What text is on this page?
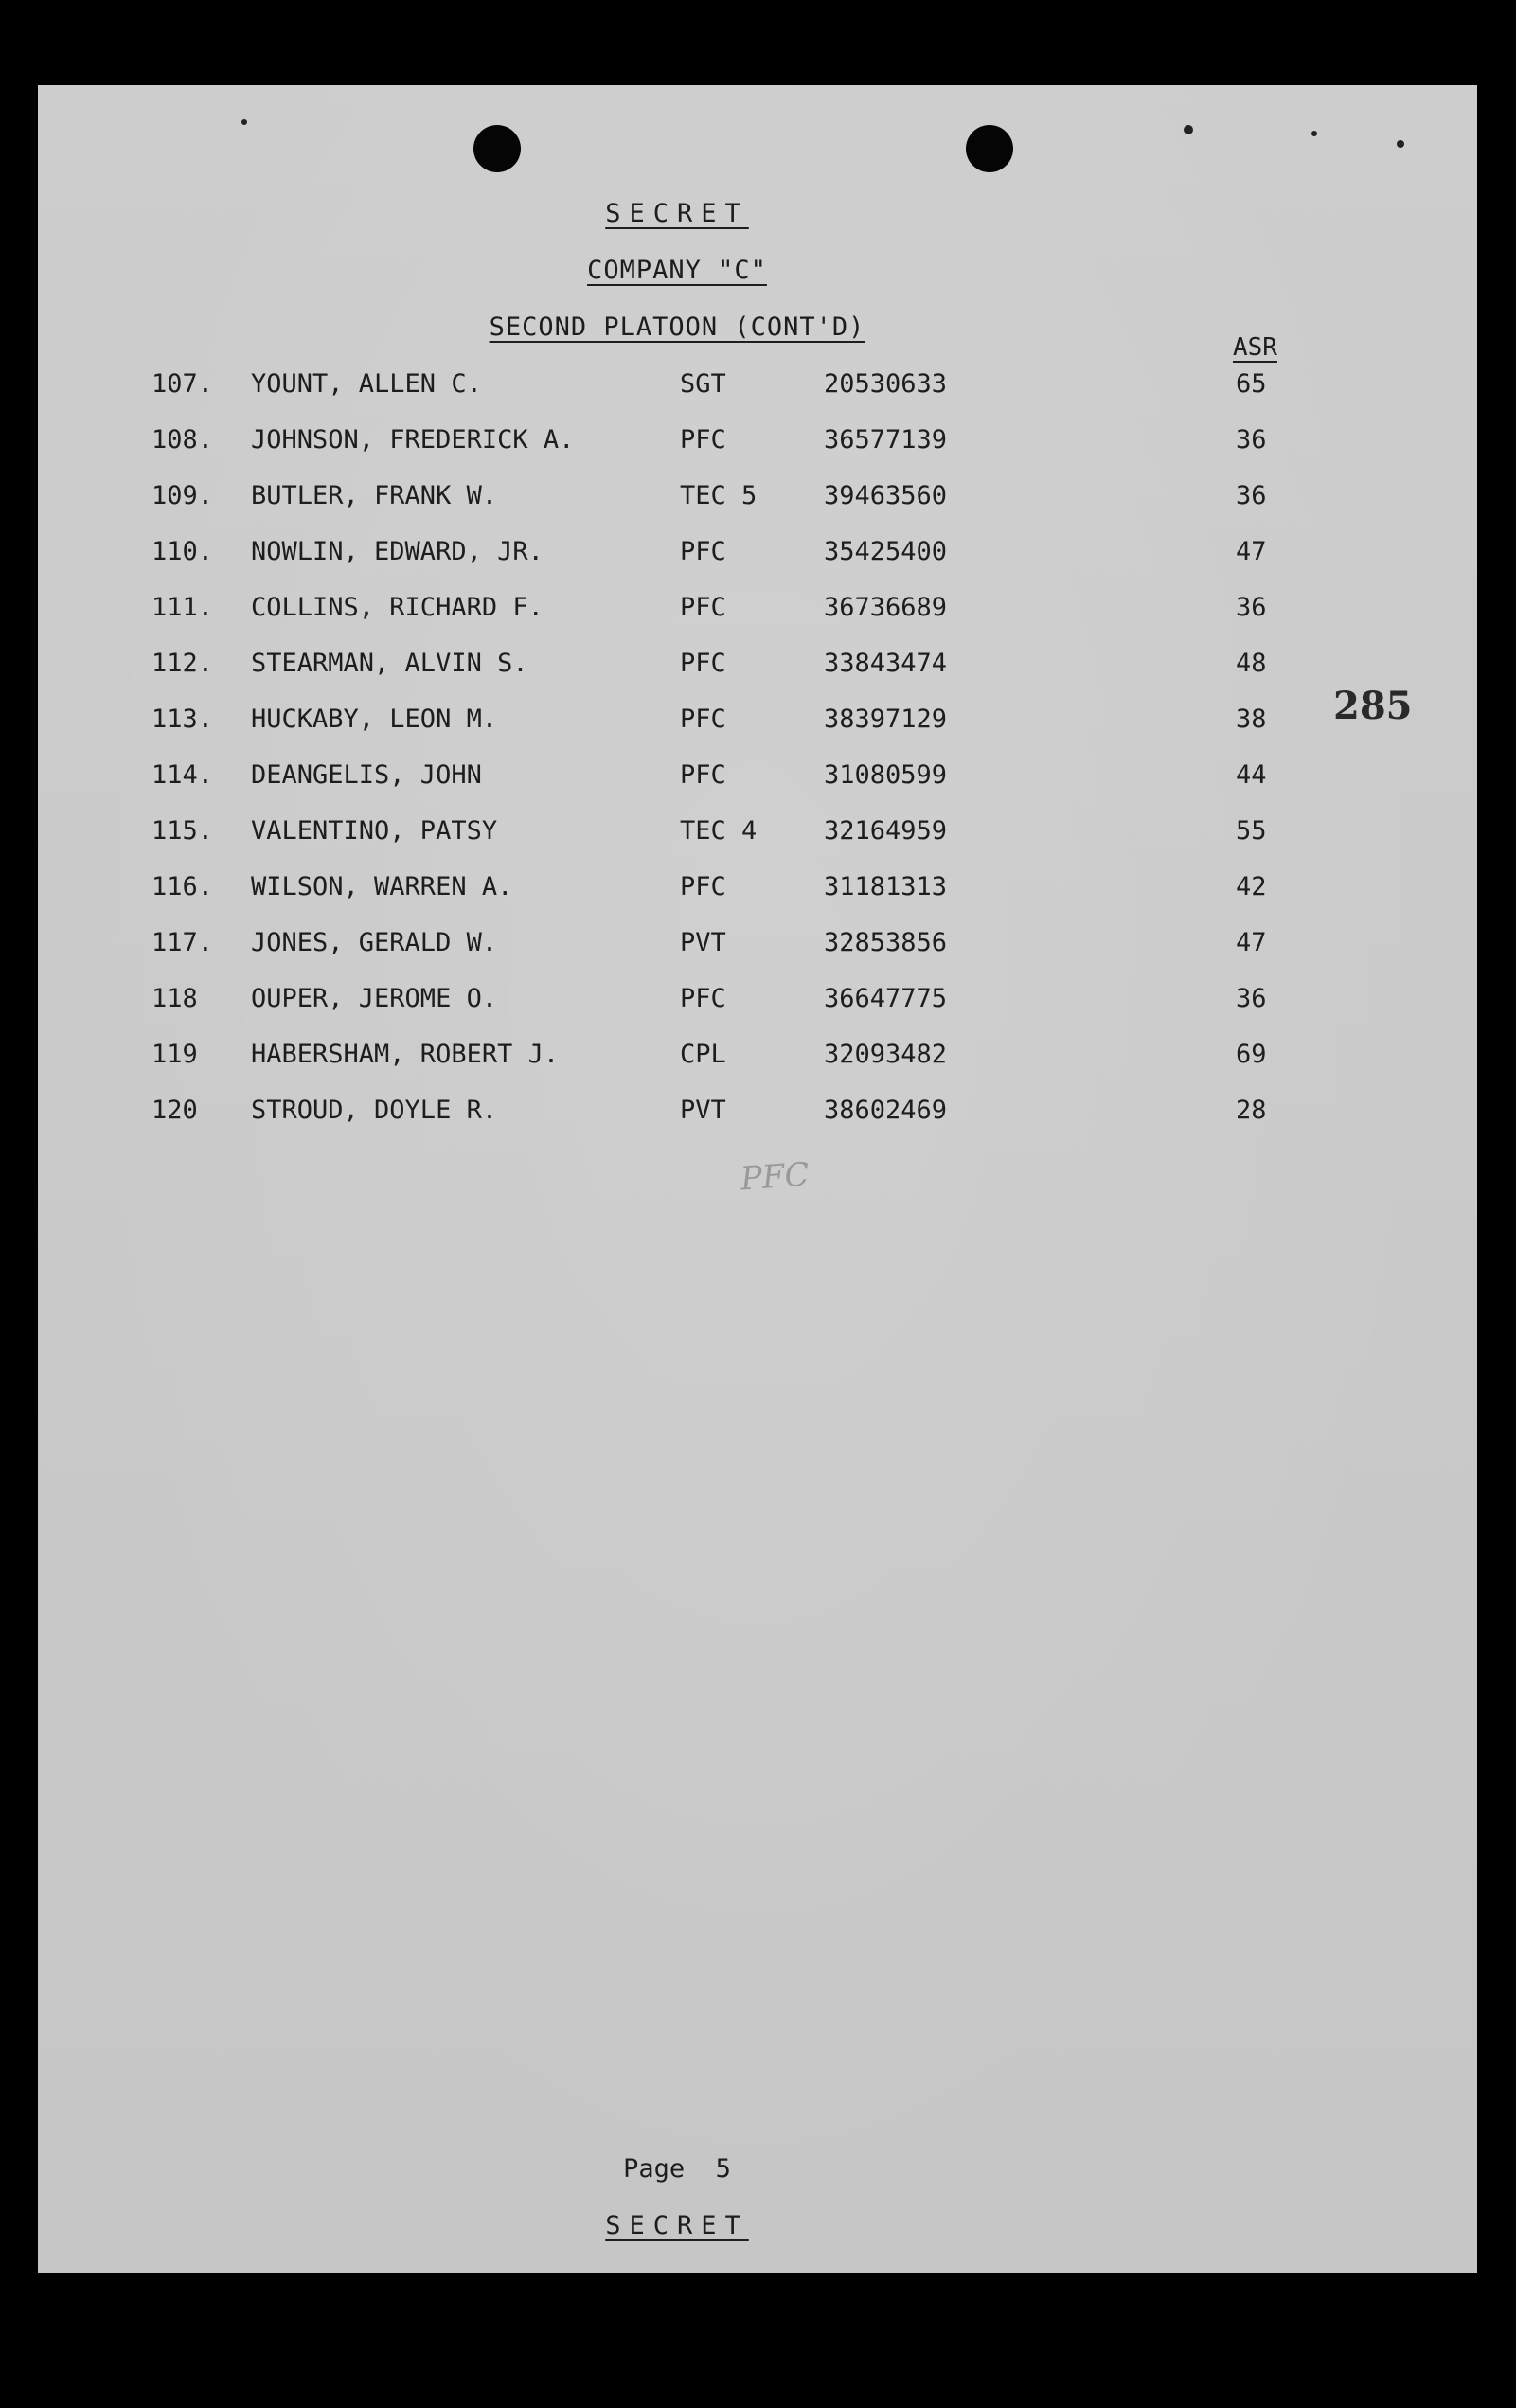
SECRET
COMPANY "C"
SECOND PLATOON (CONT'D)
ASR
107. YOUNT, ALLEN C.	SGT	20530633	65
108. JOHNSON, FREDERICK A.	PFC	36577139	36
109. BUTLER, FRANK W.	TEC 5	39463560	36
110. NOWLIN, EDWARD, JR.	PFC	35425400	47
111. COLLINS, RICHARD F.	PFC	36736689	36
112. STEARMAN, ALVIN S.	PFC	33843474	48
113. HUCKABY, LEON M.	PFC	38397129	38
114. DEANGELIS, JOHN	PFC	31080599	44
115. VALENTINO, PATSY	TEC 4	32164959	55
116. WILSON, WARREN A.	PFC	31181313	42
117. JONES, GERALD W.	PVT	32853856	47
118 OUPER, JEROME O.	PFC	36647775	36
119 HABERSHAM, ROBERT J.	CPL	32093482	69
120 STROUD, DOYLE R.	PVT	38602469	28
PFC
285
Page  5
SECRET
